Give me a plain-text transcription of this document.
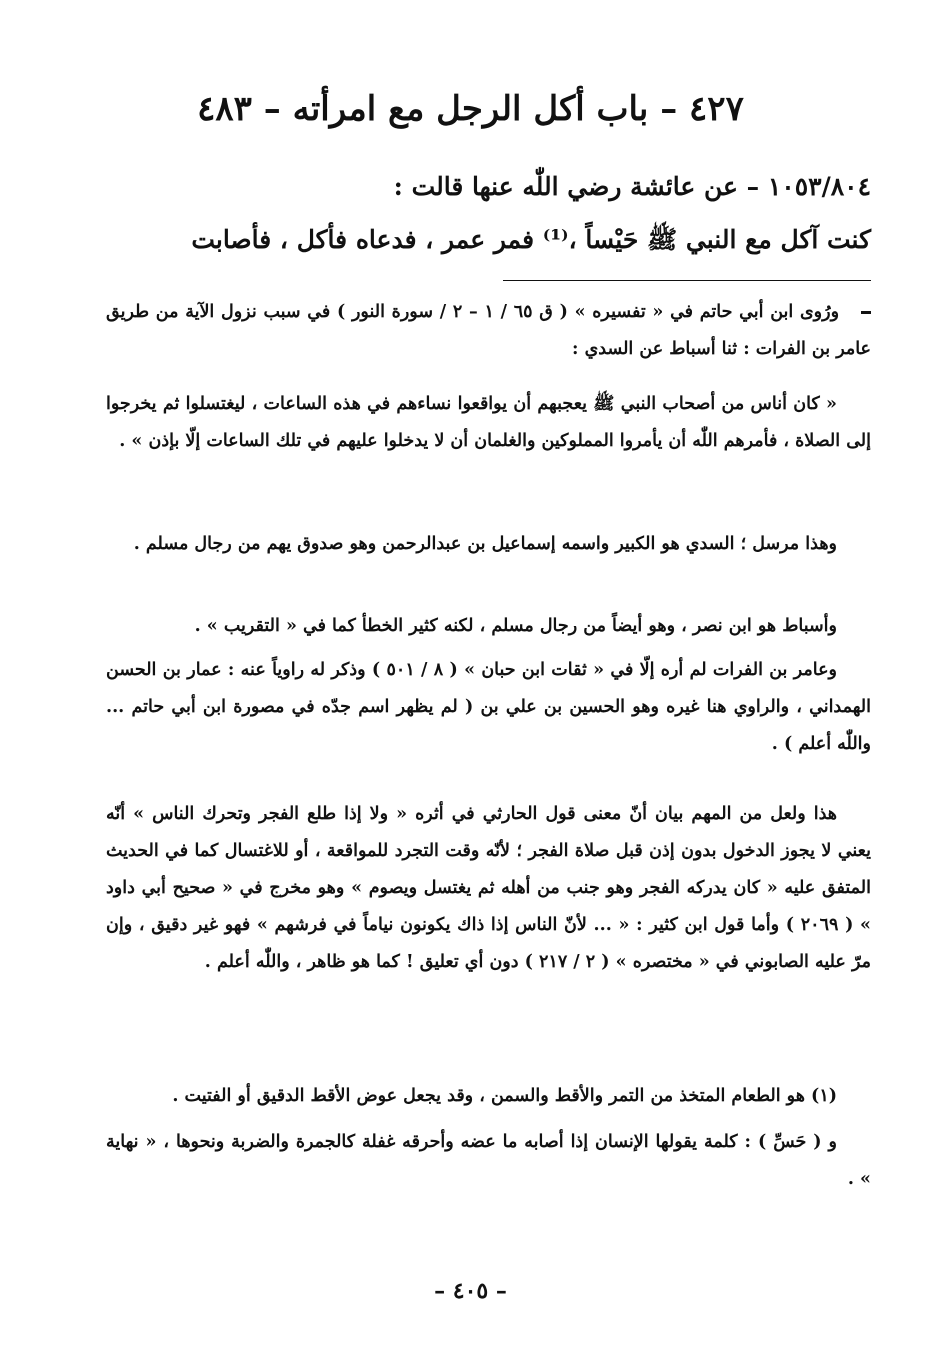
٤٢٧ – باب أكل الرجل مع امرأته – ٤٨٣

١٠٥٣/٨٠٤ – عن عائشة رضي اللّٰه عنها قالت :

كنت آكل مع النبي ﷺ حَيْساً ،⁽¹⁾ فمر عمر ، فدعاه فأكل ، فأصابت

ورُوى ابن أبي حاتم في « تفسيره » ( ق ٦٥ / ١ – ٢ / سورة النور ) في سبب نزول الآية من طريق عامر بن الفرات : ثنا أسباط عن السدي :

« كان أناس من أصحاب النبي ﷺ يعجبهم أن يواقعوا نساءهم في هذه الساعات ، ليغتسلوا ثم يخرجوا إلى الصلاة ، فأمرهم اللّٰه أن يأمروا المملوكين والغلمان أن لا يدخلوا عليهم في تلك الساعات إلّا بإذن » .

وهذا مرسل ؛ السدي هو الكبير واسمه إسماعيل بن عبدالرحمن وهو صدوق يهم من رجال مسلم .

وأسباط هو ابن نصر ، وهو أيضاً من رجال مسلم ، لكنه كثير الخطأ كما في « التقريب » .

وعامر بن الفرات لم أره إلّا في « ثقات ابن حبان » ( ٨ / ٥٠١ ) وذكر له راوياً عنه : عمار بن الحسن الهمداني ، والراوي هنا غيره وهو الحسين بن علي بن ( لم يظهر اسم جدّه في مصورة ابن أبي حاتم ... واللّٰه أعلم ) .

هذا ولعل من المهم بيان أنّ معنى قول الحارثي في أثره « ولا إذا طلع الفجر وتحرك الناس » أنّه يعني لا يجوز الدخول بدون إذن قبل صلاة الفجر ؛ لأنّه وقت التجرد للمواقعة ، أو للاغتسال كما في الحديث المتفق عليه « كان يدركه الفجر وهو جنب من أهله ثم يغتسل ويصوم » وهو مخرج في « صحيح أبي داود » ( ٢٠٦٩ ) وأما قول ابن كثير : « ... لأنّ الناس إذا ذاك يكونون نياماً في فرشهم » فهو غير دقيق ، وإن مرّ عليه الصابوني في « مختصره » ( ٢ / ٢١٧ ) دون أي تعليق ! كما هو ظاهر ، واللّٰه أعلم .

(١) هو الطعام المتخذ من التمر والأقط والسمن ، وقد يجعل عوض الأقط الدقيق أو الفتيت .

و ( حَسِّ ) : كلمة يقولها الإنسان إذا أصابه ما عضه وأحرقه غفلة كالجمرة والضربة ونحوها ، « نهاية » .

– ٤٠٥ –
